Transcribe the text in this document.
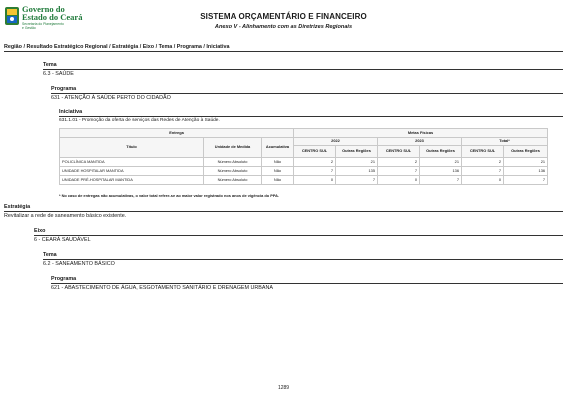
Governo do
Estado do Ceará
Secretaria do Planejamento
e Gestão
SISTEMA ORÇAMENTÁRIO E FINANCEIRO
Anexo V - Alinhamento com as Diretrizes Regionais
Região / Resultado Estratégico Regional / Estratégia / Eixo / Tema / Programa / Iniciativa
Tema
6.3 - SAÚDE
Programa
631 - ATENÇÃO À SAÚDE PERTO DO CIDADÃO
Iniciativa
631.1.01 - Promoção da oferta de serviços das Redes de Atenção à Saúde.
Entrega			Metas Físicas					
Título	Unidade de Medida	Acumulativa	2022		2023		Total*	
			CENTRO SUL	Outras Regiões	CENTRO SUL	Outras Regiões	CENTRO SUL	Outras Regiões
POLICLÍNICA MANTIDA	Número Absoluto	Não	2	21	2	21	2	21
UNIDADE HOSPITALAR MANTIDA	Número Absoluto	Não	7	135	7	136	7	136
UNIDADE PRÉ-HOSPITALAR MANTIDA	Número Absoluto	Não	0	7	0	7	0	7
* No caso de entregas não acumulativas, o valor total refere-se ao maior valor registrado nos anos de vigência do PPA.
Estratégia
Revitalizar a rede de saneamento básico existente.
Eixo
6 - CEARÁ SAUDÁVEL
Tema
6.2 - SANEAMENTO BÁSICO
Programa
621 - ABASTECIMENTO DE ÁGUA, ESGOTAMENTO SANITÁRIO E DRENAGEM URBANA
1289
